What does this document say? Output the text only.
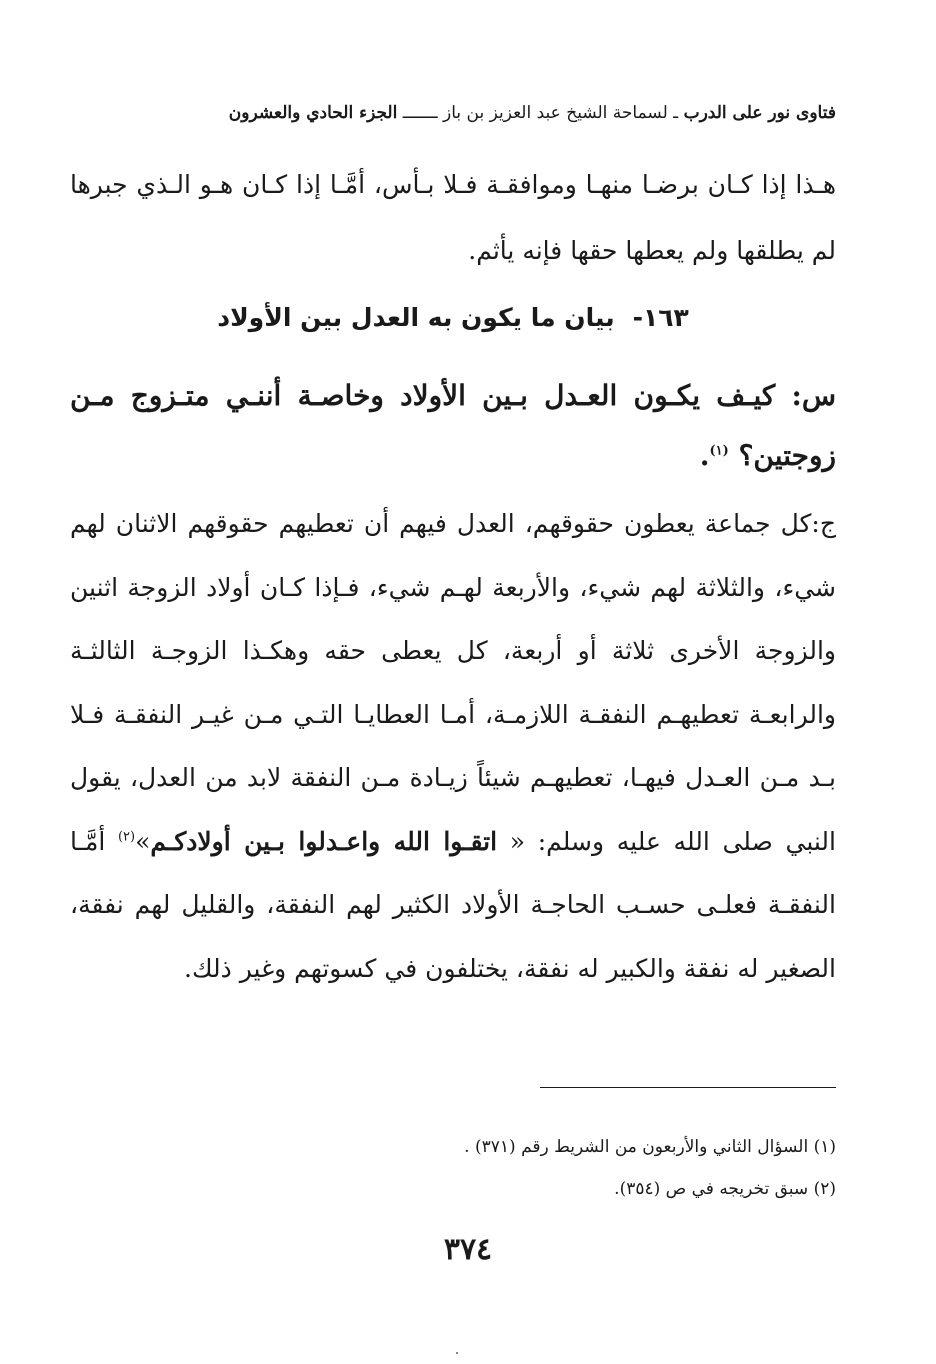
فتاوى نور على الدرب ـ لسماحة الشيخ عبد العزيز بن باز ـــــــ الجزء الحادي والعشرون
هـذا إذا كـان برضـا منهـا وموافقـة فـلا بـأس، أمَّـا إذا كـان هـو الـذي جبرها لم يطلقها ولم يعطها حقها فإنه يأثم.
١٦٣-بيان ما يكون به العدل بين الأولاد
س: كيـف يكـون العـدل بـين الأولاد وخاصـة أننـي متـزوج مـن زوجتين؟ $^{(١)}$.
ج:كل جماعة يعطون حقوقهم، العدل فيهم أن تعطيهم حقوقهم الاثنان لهم شيء، والثلاثة لهم شيء، والأربعة لهـم شيء، فـإذا كـان أولاد الزوجة اثنين والزوجة الأخرى ثلاثة أو أربعة، كل يعطى حقه وهكـذا الزوجـة الثالثـة والرابعـة تعطيهـم النفقـة اللازمـة، أمـا العطايـا التـي مـن غيـر النفقـة فـلا بـد مـن العـدل فيهـا، تعطيهـم شيئاً زيـادة مـن النفقة لابد من العدل، يقول النبي صلى الله عليه وسلم: « اتقـوا الله واعـدلوا بـين أولادكـم»$^{(٢)}$ أمَّـا النفقـة فعلـى حسـب الحاجـة الأولاد الكثير لهم النفقة، والقليل لهم نفقة، الصغير له نفقة والكبير له نفقة، يختلفون في كسوتهم وغير ذلك.
(١) السؤال الثاني والأربعون من الشريط رقم (٣٧١) .
(٢) سبق تخريجه في ص (٣٥٤).
٣٧٤
